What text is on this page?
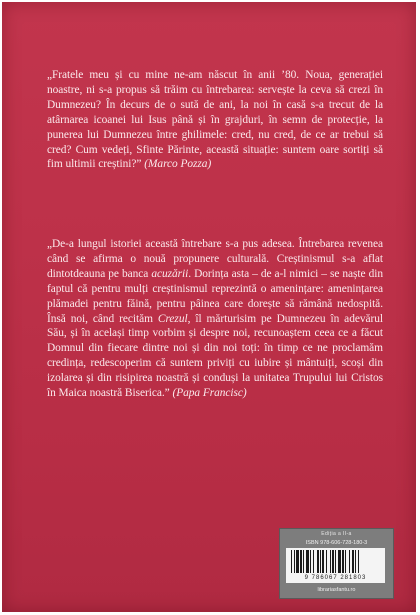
„Fratele meu și cu mine ne-am născut în anii ’80. Noua, generației noastre, ni s-a propus să trăim cu întrebarea: servește la ceva să crezi în Dumnezeu? În decurs de o sută de ani, la noi în casă s-a trecut de la atârnarea icoanei lui Isus până și în grajduri, în semn de protecție, la punerea lui Dumnezeu între ghilimele: cred, nu cred, de ce ar trebui să cred? Cum vedeți, Sfinte Părinte, această situație: suntem oare sortiți să fim ultimii creștini?” (Marco Pozza)

„De-a lungul istoriei această întrebare s-a pus adesea. Întrebarea revenea când se afirma o nouă propunere culturală. Creștinismul s-a aflat dintotdeauna pe banca acuzării. Dorința asta – de a-l nimici – se naște din faptul că pentru mulți creștinismul reprezintă o amenințare: amenințarea plămadei pentru făină, pentru pâinea care dorește să rămână nedospită. Însă noi, când recităm Crezul, îl mărturisim pe Dumnezeu în adevărul Său, și în același timp vorbim și despre noi, recunoaștem ceea ce a făcut Domnul din fiecare dintre noi și din noi toți: în timp ce ne proclamăm credința, redescoperim că suntem priviți cu iubire și mântuiți, scoși din izolarea și din risipirea noastră și conduși la unitatea Trupului lui Cristos în Maica noastră Biserica.” (Papa Francisc)

Ediția a II-a
ISBN 978-606-728-180-3
9 786067 281803
librariasfantu.ro
